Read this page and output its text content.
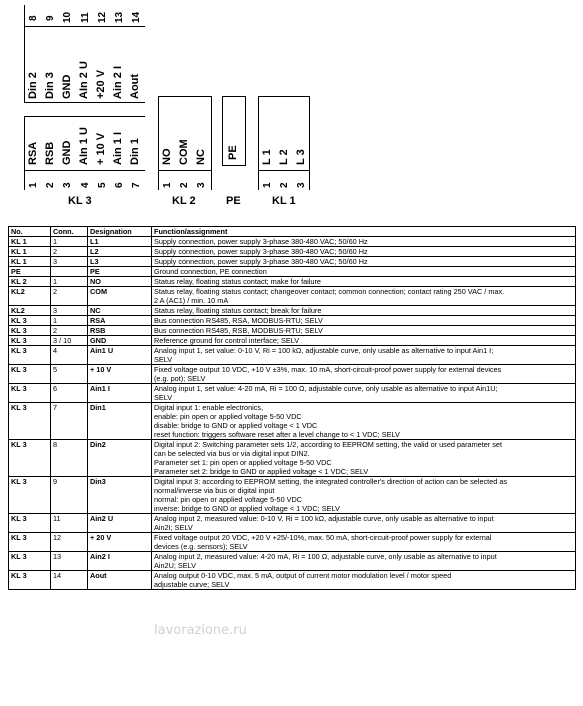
8 9 10 11 12 13 14
Din 2 Din 3 GND AIn 2 U +20 V Ain 2 I Aout
RSA RSB GND AIn 1 U + 10 V Ain 1 I Din 1
1 2 3 4 5 6 7
NO COM NC
1 2 3
PE L 1 L 2 L 3
1 2 3
KL 3	KL 2	PE	KL 1
No.	Conn.	Designation	Function/assignment
KL 1	1	L1	Supply connection, power supply 3-phase 380-480 VAC; 50/60 Hz
KL 1	2	L2	Supply connection, power supply 3-phase 380-480 VAC; 50/60 Hz
KL 1	3	L3	Supply connection, power supply 3-phase 380-480 VAC; 50/60 Hz
PE		PE	Ground connection, PE connection
KL 2	1	NO	Status relay, floating status contact; make for failure
KL2	2	COM	Status relay, floating status contact; changeover contact; common connection; contact rating 250 VAC / max.
2 A (AC1) / min. 10 mA
KL2	3	NC	Status relay, floating status contact; break for failure
KL 3	1	RSA	Bus connection RS485, RSA, MODBUS-RTU; SELV
KL 3	2	RSB	Bus connection RS485, RSB, MODBUS-RTU; SELV
KL 3	3 / 10	GND	Reference ground for control interface; SELV
KL 3	4	Ain1 U	Analog input 1, set value: 0-10 V, Ri = 100 kΩ, adjustable curve, only usable as alternative to input Ain1 I;
SELV
KL 3	5	+ 10 V	Fixed voltage output 10 VDC, +10 V ±3%, max. 10 mA, short-circuit-proof power supply for external devices
(e.g. pot); SELV
KL 3	6	Ain1 I	Analog input 1, set value: 4-20 mA, Ri = 100 Ω, adjustable curve, only usable as alternative to input Ain1U;
SELV
KL 3	7	Din1	Digital input 1: enable electronics,
enable: pin open or applied voltage 5-50 VDC
disable: bridge to GND or applied voltage < 1 VDC
reset function: triggers software reset after a level change to < 1 VDC; SELV
KL 3	8	Din2	Digital input 2: Switching parameter sets 1/2, according to EEPROM setting, the valid or used parameter set
can be selected via bus or via digital input DIN2.
Parameter set 1: pin open or applied voltage 5-50 VDC
Parameter set 2: bridge to GND or applied voltage < 1 VDC; SELV
KL 3	9	Din3	Digital input 3: according to EEPROM setting, the integrated controller's direction of action can be selected as
normal/inverse via bus or digital input
normal: pin open or applied voltage 5-50 VDC
inverse: bridge to GND or applied voltage < 1 VDC; SELV
KL 3	11	Ain2 U	Analog input 2, measured value: 0-10 V, Ri = 100 kΩ, adjustable curve, only usable as alternative to input
Ain2I; SELV
KL 3	12	+ 20 V	Fixed voltage output 20 VDC, +20 V +25/-10%, max. 50 mA, short-circuit-proof power supply for external
devices (e.g. sensors); SELV
KL 3	13	Ain2 I	Analog input 2, measured value: 4-20 mA, Ri = 100 Ω, adjustable curve, only usable as alternative to input
Ain2U; SELV
KL 3	14	Aout	Analog output 0-10 VDC, max. 5 mA, output of current motor modulation level / motor speed
adjustable curve; SELV
lavorazione.ru
